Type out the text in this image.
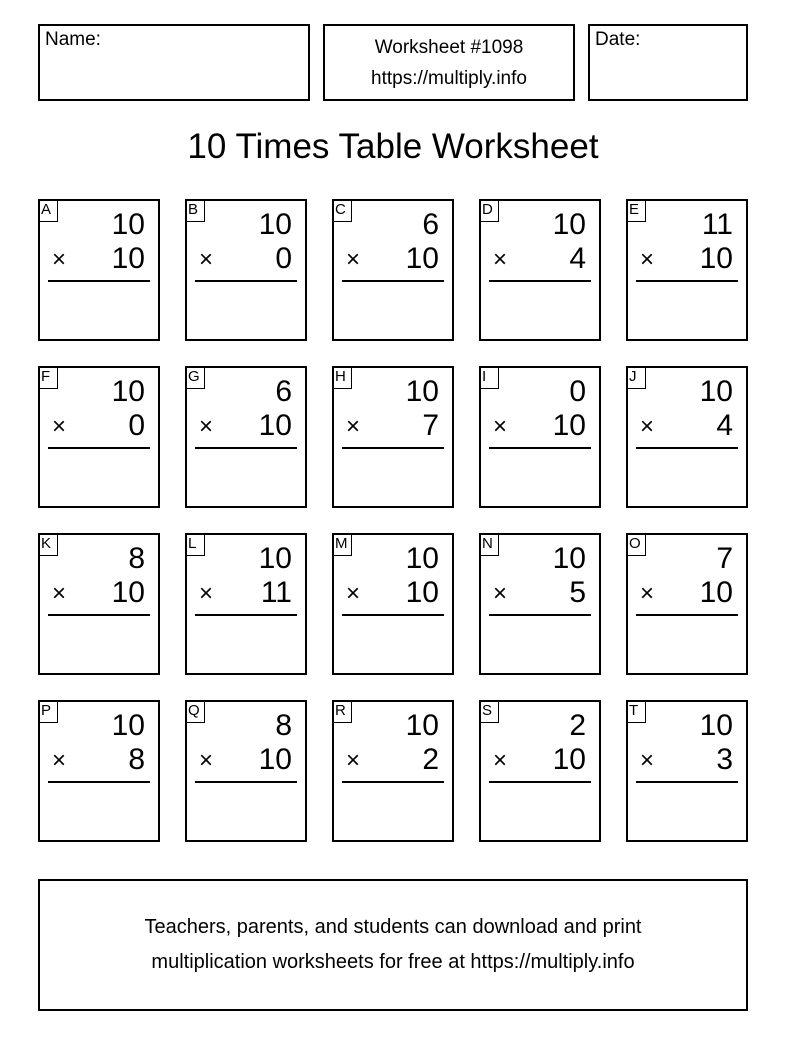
Name:	Worksheet #1098
https://multiply.info
Date:
10 Times Table Worksheet
A 10
× 10
B 10
× 0
C	6
× 10
D 10
× 4
E 11
× 10
F 10
× 0
G	6
× 10
H 10
× 7
I	0
× 10
J	10
× 4
K	8
× 10
L 10
× 11
M 10
× 10
N 10
× 5
O	7
× 10
P 10
× 8
Q	8
× 10
R 10
× 2
S	2
× 10
T 10
× 3
Teachers, parents, and students can download and print
multiplication worksheets for free at https://multiply.info
